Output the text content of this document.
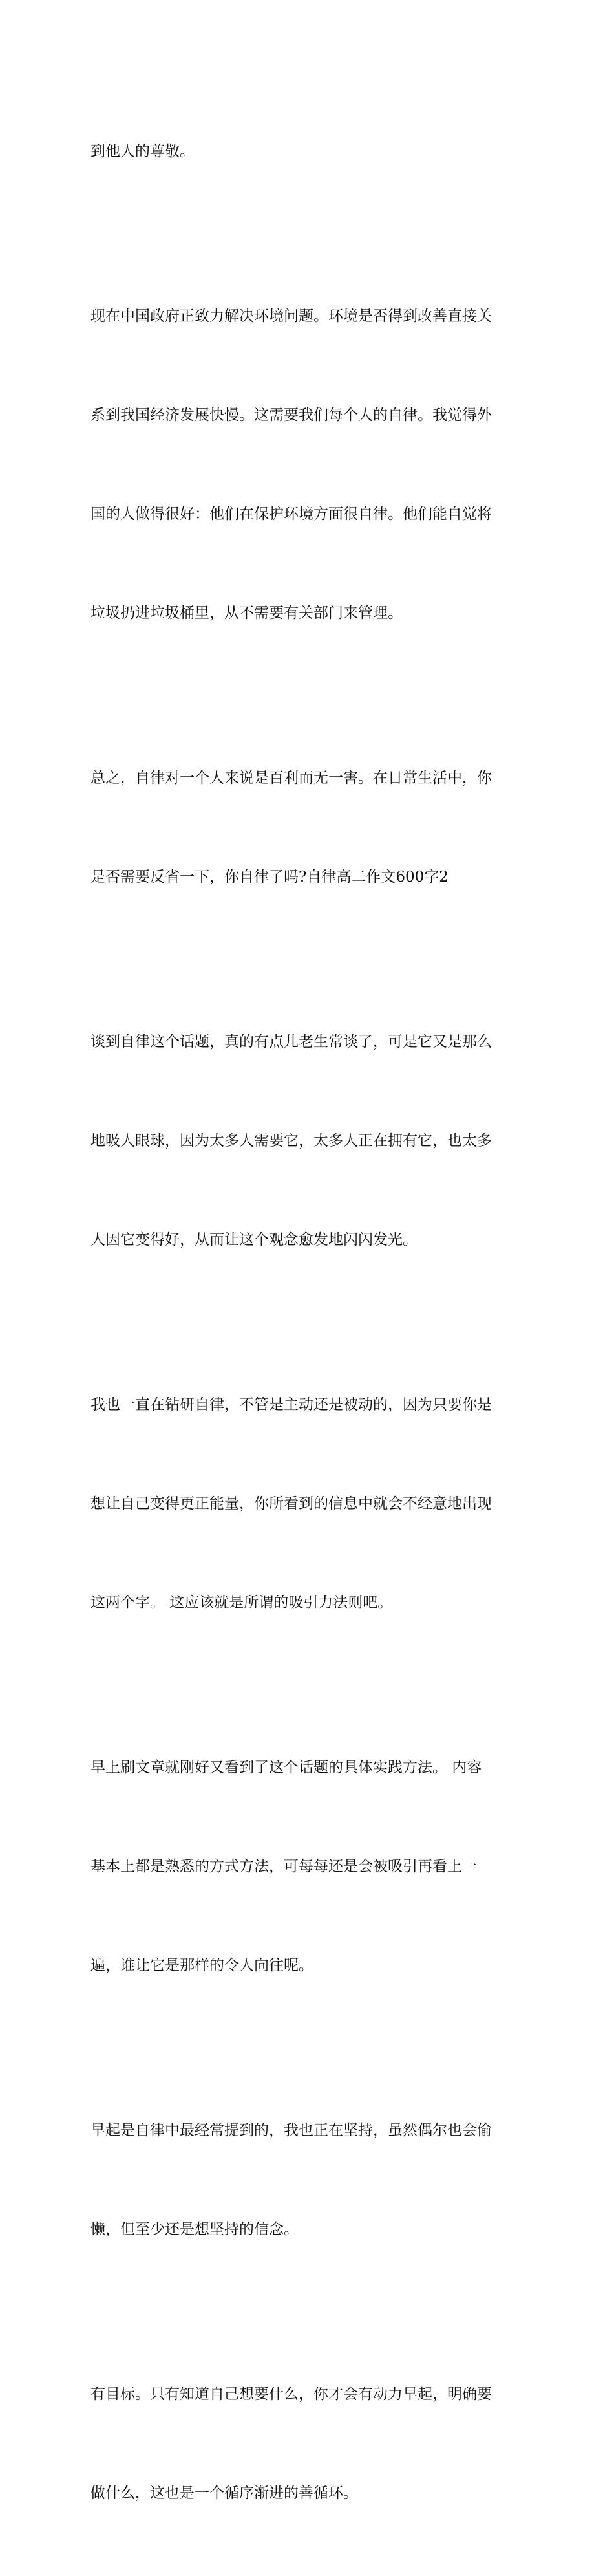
到他人的尊敬。

现在中国政府正致力解决环境问题。环境是否得到改善直接关

系到我国经济发展快慢。这需要我们每个人的自律。我觉得外

国的人做得很好：他们在保护环境方面很自律。他们能自觉将

垃圾扔进垃圾桶里，从不需要有关部门来管理。

总之，自律对一个人来说是百利而无一害。在日常生活中，你

是否需要反省一下，你自律了吗?自律高二作文600字2

谈到自律这个话题，真的有点儿老生常谈了，可是它又是那么

地吸人眼球，因为太多人需要它，太多人正在拥有它，也太多

人因它变得好，从而让这个观念愈发地闪闪发光。

我也一直在钻研自律，不管是主动还是被动的，因为只要你是

想让自己变得更正能量，你所看到的信息中就会不经意地出现

这两个字。 这应该就是所谓的吸引力法则吧。

早上刷文章就刚好又看到了这个话题的具体实践方法。 内容

基本上都是熟悉的方式方法，可每每还是会被吸引再看上一

遍，谁让它是那样的令人向往呢。

早起是自律中最经常提到的，我也正在坚持，虽然偶尔也会偷

懒，但至少还是想坚持的信念。

有目标。只有知道自己想要什么，你才会有动力早起，明确要

做什么，这也是一个循序渐进的善循环。
